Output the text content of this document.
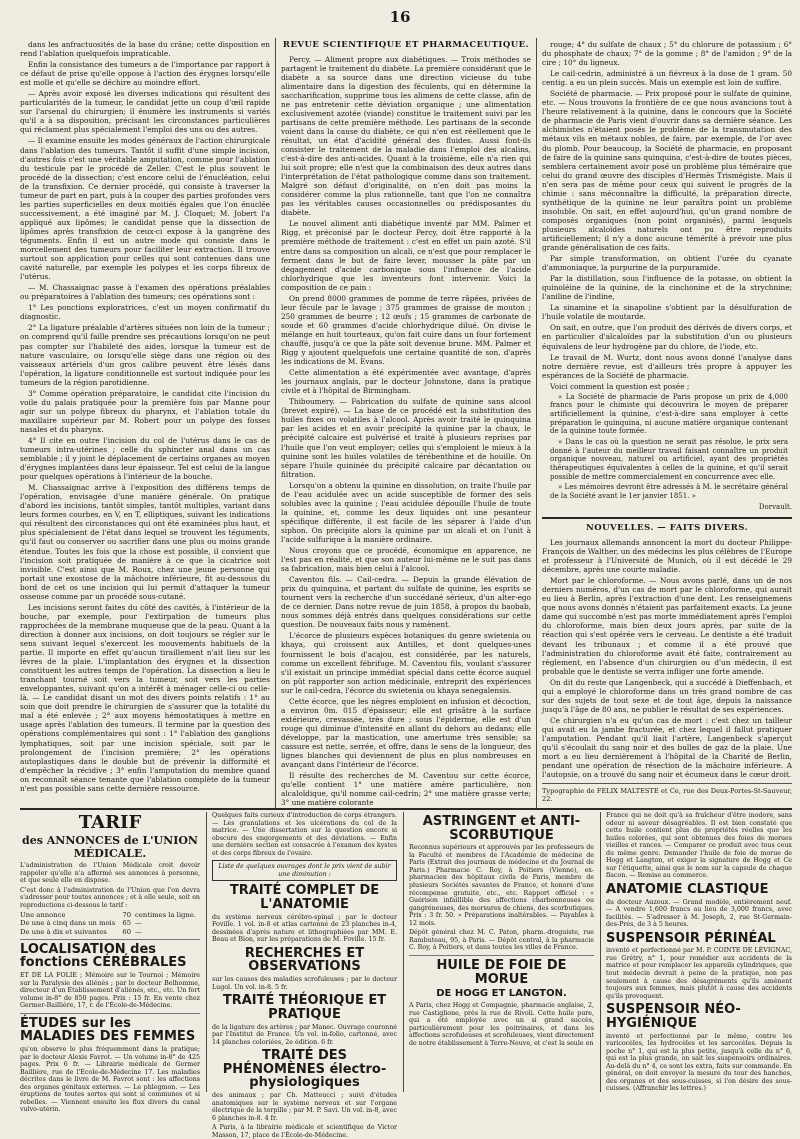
16

dans les anfractuosités de la base du crâne; cette disposition en rend l'ablation quelquefois impraticable.

Enfin la consistance des tumeurs a de l'importance par rapport à ce défaut de prise qu'elle oppose à l'action des érygnes lorsqu'elle est molle et qu'elle se déchire au moindre effort.

— Après avoir exposé les diverses indications qui résultent des particularités de la tumeur, le candidat jette un coup d'œil rapide sur l'arsenal du chirurgien; il énumère les instruments si variés qu'il a à sa disposition, précisant les circonstances particulières qui réclament plus spécialement l'emploi des uns ou des autres.

— Il examine ensuite les modes généraux de l'action chirurgicale dans l'ablation des tumeurs. Tantôt il suffit d'une simple incision, d'autres fois c'est une véritable amputation, comme pour l'ablation du testicule par le procédé de Zeller. C'est le plus souvent le procédé de la dissection; c'est encore celui de l'énucléation, celui de la transfixion. Ce dernier procédé, qui consiste à traverser la tumeur de part en part, puis à la couper des parties profondes vers les parties superficielles en deux moitiés égales que l'on énuclée successivement, a été imaginé par M. J. Cloquet; M. Jobert l'a appliqué aux lipômes; le candidat pense que la dissection de lipômes après transfixion de ceux-ci expose à la gangrène des téguments. Enfin il est un autre mode qui consiste dans le morcellement des tumeurs pour faciliter leur extraction. Il trouve surtout son application pour celles qui sont contenues dans une cavité naturelle, par exemple les polypes et les corps fibreux de l'utérus.

— M. Chassaignac passe à l'examen des opérations préalables ou préparatoires à l'ablation des tumeurs; ces opérations sont :

1° Les ponctions exploratrices, c'est un moyen confirmatif du diagnostic.

2° La ligature préalable d'artères situées non loin de la tumeur ; on comprend qu'il faille prendre ses précautions lorsqu'on ne peut pas compter sur l'habileté des aides, lorsque la tumeur est de nature vasculaire, ou lorsqu'elle siège dans une région où des vaisseaux artériels d'un gros calibre peuvent être lésés dans l'opération, la ligature conditionnelle est surtout indiquée pour les tumeurs de la région parotidienne.

3° Comme opération préparatoire, le candidat cite l'incision du voile du palais pratiquée pour la première fois par Manne pour agir sur un polype fibreux du pharynx, et l'ablation totale du maxillaire supérieur par M. Robert pour un polype des fosses nasales et du pharynx.

4° Il cite en outre l'incision du col de l'utérus dans le cas de tumeurs intra-utérines ; celle du sphincter anal dans un cas semblable ; il y joint le déplacement de certains organes au moyen d'érygnes implantées dans leur épaisseur. Tel est celui de la langue pour quelques opérations à l'intérieur de la bouche.

M. Chassaignac arrive à l'exposition des différens temps de l'opération, envisagée d'une manière générale. On pratique d'abord les incisions, tantôt simples, tantôt multiples, variant dans leurs formes courbes, en V, en T, elliptiques, suivant les indications qui résultent des circonstances qui ont été examinées plus haut, et plus spécialement de l'état dans lequel se trouvent les téguments, qu'il faut ou conserver ou sacrifier dans une plus ou moins grande étendue. Toutes les fois que la chose est possible, il convient que l'incision soit pratiquée de manière à ce que la cicatrice soit invisible. C'est ainsi que M. Roux, chez une jeune personne qui portait une exostose de la mâchoire inférieure, fit au-dessous du bord de cet os une incision qui lui permit d'attaquer la tumeur osseuse comme par un procédé sous-cutané.

Les incisions seront faites du côté des cavités, à l'intérieur de la bouche, par exemple, pour l'extirpation de tumeurs plus rapprochées de la membrane muqueuse que de la peau. Quant à la direction à donner aux incisions, on doit toujours se régler sur le sens suivant lequel s'exercent les mouvements habituels de la partie. Il importe en effet qu'aucun tiraillement n'ait lieu sur les lèvres de la plaie. L'implantation des érygnes et la dissection constituent les autres temps de l'opération. La dissection a lieu le tranchant tourné soit vers la tumeur, soit vers les parties enveloppantes, suivant qu'on a intérêt à ménager celle-ci ou celle-là. — Le candidat disant un mot des divers points relatifs : 1° au soin que doit prendre le chirurgien de s'assurer que la totalité du mal a été enlevée ; 2° aux moyens hémostatiques à mettre en usage après l'ablation des tumeurs. Il termine par la question des opérations complémentaires qui sont : 1° l'ablation des ganglions lymphatiques, soit par une incision spéciale, soit par le prolongement de l'incision première; 2° les opérations autoplastiques dans le double but de prévenir la difformité et d'empêcher la récidive ; 3° enfin l'amputation du membre quand on reconnaît séance tenante que l'ablation complète de la tumeur n'est pas possible sans cette dernière ressource.

REVUE SCIENTIFIQUE ET PHARMACEUTIQUE.

Percy. — Aliment propre aux diabétiques. — Trois méthodes se partagent le traitement du diabète. La première considérant que le diabète a sa source dans une direction vicieuse du tube alimentaire dans la digestion des féculents, qui en détermine la saccharification, supprime tous les alimens de cette classe, afin de ne pas entretenir cette déviation organique ; une alimentation exclusivement azotée (viande) constitue le traitement suivi par les partisans de cette première méthode. Les partisans de la seconde voient dans la cause du diabète, ce qui n'en est réellement que le résultat, un état d'acidité général des fluides. Aussi font-ils consister le traitement de la maladie dans l'emploi des alcalins, c'est-à-dire des anti-acides. Quant à la troisième, elle n'a rien qui lui soit propre; elle n'est que la combinaison des deux autres dans l'interprétation de l'état pathologique comme dans son traitement. Malgré son défaut d'originalité, on n'en doit pas moins la considérer comme la plus rationnelle, tant que l'on ne connaîtra pas les véritables causes occasionnelles ou prédisposantes du diabète.

Le nouvel aliment anti diabétique inventé par MM. Palmer et Rigg, et préconisé par le docteur Percy, doit être rapporté à la première méthode de traitement : c'est en effet un pain azoté. S'il entre dans sa composition un alcali, ce n'est que pour remplacer le ferment dans le but de faire lever, mousser la pâte par un dégagement d'acide carbonique sous l'influence de l'acide chlorhydrique que les inventeurs font intervenir. Voici la composition de ce pain :

On prend 8000 grammes de pomme de terre râpées, privées de leur fécule par le lavage ; 375 grammes de graisse de mouton ; 250 grammes de beurre ; 12 œufs ; 15 grammes de carbonate de soude et 60 grammes d'acide chlorhydrique dilué. On divise le mélange en huit tourteaux, qu'on fait cuire dans un four fortement chauffé, jusqu'à ce que la pâte soit devenue brune. MM. Palmer et Rigg y ajoutent quelquefois une certaine quantité de son, d'après les indications de M. Evans.

Cette alimentation a été expérimentée avec avantage, d'après les journaux anglais, par le docteur Johnstone, dans la pratique civile et à l'hôpital de Birmingham.

Thiboumery. — Fabrication du sulfate de quinine sans alcool (brevet expiré). — La base de ce procédé est la substitution des huiles fixes ou volatiles à l'alcool. Après avoir traité le quinquina par les acides et en avoir précipité la quinine par la chaux, le précipité calcaire est pulvérisé et traité à plusieurs reprises par l'huile que l'on veut employer; celles qui s'emploient le mieux à la quinine sont les huiles volatiles de térébenthine et de houille. On sépare l'huile quininée du précipité calcaire par décantation ou filtration.

Lorsqu'on a obtenu la quinine en dissolution, on traite l'huile par de l'eau acidulée avec un acide susceptible de former des sels solubles avec la quinine ; l'eau acidulée dépouille l'huile de toute la quinine, et, comme les deux liquides ont une pesanteur spécifique différente, il est facile de les séparer à l'aide d'un siphon. On précipite alors la quinine par un alcali et on l'unit à l'acide sulfurique à la manière ordinaire.

Nous croyons que ce procédé, économique en apparence, ne l'est pas en réalité, et que son auteur lui-même ne le suit pas dans sa fabrication, mais bien celui à l'alcool.

Caventou fils. — Cail-cedra. — Depuis la grande élévation de prix du quinquina, et partant du sulfate de quinine, les esprits se tournent vers la recherche d'un succédané sérieux, d'un alter-ego de ce dernier. Dans notre revue de juin 1858, à propos du baobab, nous sommes déjà entrés dans quelques considérations sur cette question. De nouveaux faits nous y ramènent.

L'écorce de plusieurs espèces botaniques du genre swietenia ou khaya, qui croissent aux Antilles, et dont quelques-unes fournissent le bois d'acajou, est considérée, par les naturels, comme un excellent fébrifuge. M. Caventou fils, voulant s'assurer s'il existait un principe immédiat spécial dans cette écorce auquel on pût rapporter son action médicinale, entreprit des expériences sur le cail-cedra, l'écorce du swietenia ou khaya senegalensis.

Cette écorce, que les nègres emploient en infusion et décoction, a environ 0m. 015 d'épaisseur; elle est grisâtre à la surface extérieure, crevassée, très dure ; sous l'épiderme, elle est d'un rouge qui diminue d'intensité en allant du dehors au dedans; elle développe, par la mastication, une amertume très sensible; sa cassure est nette, serrée, et offre, dans le sens de la longueur, des lignes blanches qui deviennent de plus en plus nombreuses en avançant dans l'intérieur de l'écorce.

Il résulte des recherches de M. Caventou sur cette écorce, qu'elle contient 1° une matière amère particulière, non alcaloïdique, qu'il nomme cail-cedrin; 2° une matière grasse verte; 3° une matière colorante

rouge; 4° du sulfate de chaux ; 5° du chlorure de potassium ; 6° du phosphate de chaux; 7° de la gomme ; 8° de l'amidon ; 9° de la cire ; 10° du ligneux.

Le cail-cedrin, administré à un fiévreux à la dose de 1 gram. 50 centig. a eu un plein succès. Mais un exemple est loin de suffire.

Société de pharmacie. — Prix proposé pour le sulfate de quinine, etc. — Nous trouvons la frontière de ce que nous avancions tout à l'heure relativement à la quinine, dans le concours que la Société de pharmacie de Paris vient d'ouvrir dans sa dernière séance. Les alchimistes n'étaient posés le problème de la transmutation des métaux vils en métaux nobles, de faire, par exemple, de l'or avec du plomb. Pour beaucoup, la Société de pharmacie, en proposant de faire de la quinine sans quinquina, c'est-à-dire de toutes pièces, semblera certainement avoir posé un problème plus téméraire que celui du grand œuvre des disciples d'Hermès Trismégiste. Mais il n'en sera pas de même pour ceux qui suivent le progrès de la chimie : sans méconnaître la difficulté, la préparation directe, synthétique de la quinine ne leur paraîtra point un problème insoluble. On sait, en effet aujourd'hui, qu'un grand nombre de composés organiques (non point organisés), parmi lesquels plusieurs alcaloïdes naturels ont pu être reproduits artificiellement; il n'y a donc aucune témérité à prévoir une plus grande généralisation de ces faits.

Par simple transformation, on obtient l'urée du cyanate d'ammoniaque, la purpurine de la purpuramide.

Par la distillation, sous l'influence de la potasse, on obtient la quinoléine de la quinine, de la cinchonine et de la strychnine; l'aniline de l'indine,

La sinamine et la sinapoline s'obtient par la désulfuration de l'huile volatile de moutarde.

On sait, en outre, que l'on produit des dérivés de divers corps, et en particulier d'alcaloïdes par la substitution d'un ou plusieurs équivalens de leur hydrogène par du chlore, de l'iode, etc.

Le travail de M. Wurtz, dont nous avons donné l'analyse dans notre dernière revue, est d'ailleurs très propre à appuyer les espérances de la Société de pharmacie.

Voici comment la question est posée ;

« La Société de pharmacie de Paris propose un prix de 4,000 francs pour le chimiste qui découvrira le moyen de préparer artificiellement la quinine, c'est-à-dire sans employer à cette préparation le quinquina, ni aucune matière organique contenant de la quinine toute formée.

» Dans le cas où la question ne serait pas résolue, le prix sera donné à l'auteur du meilleur travail faisant connaître un produit organique nouveau, naturel ou artificiel, ayant des propriétés thérapeutiques équivalentes à celles de la quinine, et qu'il serait possible de mettre commercialement en concurrence avec elle.

» Les mémoires devront être adressés à M. le secrétaire général de la Société avant le 1er janvier 1851. »

Dorvault.
NOUVELLES. — FAITS DIVERS.

Les journaux allemands annoncent la mort du docteur Philippe-François de Walther, un des médecins les plus célèbres de l'Europe et professeur à l'Université de Munich, où il est décédé le 29 décembre, après une courte maladie.

Mort par le chloroforme. — Nous avons parlé, dans un de nos derniers numéros, d'un cas de mort par le chloroforme, qui aurait eu lieu à Berlin, après l'extraction d'une dent. Les renseignemens que nous avons donnés n'étaient pas parfaitement exacts. La jeune dame qui succombé n'est pas morte immédiatement après l'emploi du chloroforme, mais bien deux jours après, par suite de la réaction qui s'est opérée vers le cerveau. Le dentiste a été traduit devant les tribunaux ; et comme il a été prouvé que l'administration du chloroforme avait été faite, contrairement au règlement, en l'absence d'un chirurgien ou d'un médecin, il est probable que le dentiste se verra infliger une forte amende.

On dit du reste que Langenbeck, qui a succédé à Dieffenbach, et qui a employé le chloroforme dans un très grand nombre de cas sur des sujets de tout sexe et de tout âge, depuis la naissance jusqu'à l'âge de 80 ans, ne publier le résultat de ses expériences.

Ce chirurgien n'a eu qu'un cas de mort : c'est chez un tailleur qui avait eu la jambe fracturée, et chez lequel il fallut pratiquer l'amputation. Pendant qu'il liait l'artère, Langenbeck s'aperçut qu'il s'écoulait du sang noir et des bulles de gaz de la plaie. Une mort a eu lieu dernièrement à l'hôpital de la Charité de Berlin, pendant une opération de résection de la mâchoire inférieure. A l'autopsie, on a trouvé du sang noir et écumeux dans le cœur droit.

Typographie de FELIX MALTESTE et Ce, rue des Deux-Portes-St-Sauveur, 22.
TARIF
des ANNONCES de L'UNION MÉDICALE.

L'administration de l'Union Médicale croit devoir rappeler qu'elle n'a affermé ses annonces à personne, et que seule elle en dispose.

C'est donc à l'administration de l'Union que l'on devra s'adresser pour toutes annonces ; et à elle seule, soit en reproductions ci-dessous le tarif :

Une annonce	70	centimes la ligne.
De une à cinq dans un mois	65	—
De une à dix et suivantes	60	—
LOCALISATION des fonctions CÉRÉBRALES

ET DE LA FOLIE ; Mémoire sur le Tournoi ; Mémoire sur la Paralysie des aliénés ; par le docteur Belhomme, directeur d'un Établissement d'aliénés, etc., etc. Un fort volume in-8° de 850 pages. Prix : 15 fr. En vente chez Germer-Baillière, 17, r. de l'École-de-Médecine.

ÉTUDES sur les MALADIES DES FEMMES

qu'on observe le plus fréquemment dans la pratique; par le docteur Alexis Favrot. — Un volume in-8° de 425 pages. Prix 6 fr. — Librairie médicale de Germer Baillière, rue de l'École-de-Médecine 17. Les maladies décrites dans le livre de M. Favrot sont : les affections des organes génitaux externes. — Le phlegmon. — Les éruptions de toutes sortes qui sont si communes et si rebelles. — Viennent ensuite les flux divers du canal vulvo-utérin.

Quelques faits curieux d'introduction de corps étrangers. — Les granulations et les ulcérations du col de la matrice. — Une dissertation sur la question encore si obscure des engorgements et des déviations. — Enfin une dernière section est consacrée à l'examen des kystes et des corps fibreux de l'ovaire.

Liste de quelques ouvrages dont le prix vient de subir une diminution :
TRAITÉ COMPLET DE L'ANATOMIE

du système nerveux cérébro-spinal ; par le docteur Foville. 1 vol. in-8 et atlas cartonné de 23 planches in-4, dessinées d'après nature et lithographiées par MM. E. Beau et Bion, sur les préparations de M. Foville. 15 fr.

RECHERCHES ET OBSERVATIONS

sur les causes des maladies scrofuleuses ; par le docteur Lugol. Un vol. in-8. 5 fr.

TRAITÉ THÉORIQUE ET PRATIQUE

de la ligature des artères ; par Manec. Ouvrage couronné par l'Institut de France. Un vol. in-folio, cartonné, avec 14 planches coloriées, 2e édition. 6 fr.

TRAITÉ DES PHÉNOMÈNES électro-physiologiques

des animaux ; par Ch. Matteucci ; suivi d'études anatomiques sur le système nerveux et sur l'organe électrique de la torpille ; par M. P. Savi. Un vol. in-8, avec 6 planches in-8. 4 fr.

A Paris, à la librairie médicale et scientifique de Victor Masson, 17, place de l'École-de-Médecine.

ASTRINGENT et ANTI-SCORBUTIQUE

Reconnus supérieurs et approuvés par les professeurs de la Faculté et membres de l'Académie de médecine de Paris (Extrait des journaux de médecine et du Journal de Paris.) Pharmacie C. Roy, à Poitiers (Vienne), ex-pharmacien des hôpitaux civils de Paris, membre de plusieurs Sociétés savantes de France, et honoré d'une récompense gratuite, etc., etc. Rapport officiel : « Guérison infaillible des affections charbonneuses ou gangréneuses, des morsures de chiens, des scorbutiques. Prix : 3 fr. 50. » Préparations inaltérables. — Payables à 12 mois.

Dépôt général chez M. C. Paton, pharm.-droguiste, rue Rambuteau, 95, à Paris. — Dépôt central, à la pharmacie C. Roy, à Poitiers, et dans toutes les villes de France.

HUILE DE FOIE DE MORUE
DE HOGG ET LANGTON.

A Paris, chez Hogg et Compagnie, pharmacie anglaise, 2, rue Castiglione, près la rue de Rivoli. Cette huile pure, qui a été employée avec un si grand succès, particulièrement pour les poitrinaires, et dans les affections scrofuleuses et scrofuleuses, vient directement de notre établissement à Terre-Neuve, et c'est la seule en

France qui ne doit qu'à sa fraîcheur d'être inodore, sans odeur ni saveur désagréables. Il est bien constaté que cette huile contient plus de propriétés réelles que les huiles colorées, qui sont obtenues des foies de morues vieilles et rances. — Comparer ce produit avec tous ceux du même genre. Demander l'huile de foie de morue de Hogg et Langton, et exiger la signature de Hogg et Ce sur l'étiquette, ainsi que le nom sur la capsule de chaque flacon. — Remise au commerce.

ANATOMIE CLASTIQUE

du docteur Auzoux. — Grand modèle, entièrement neuf. — A vendre 1,600 francs au lieu de 3,000 francs, avec facilités. — S'adresser à M. Joseph, 2, rue St-Germain-des-Prés, de 3 à 5 heures.

SUSPENSOIR PÉRINÉAL

inventé et perfectionné par M. P. COINTE DE LÉVIGNAC, rue Grétry, n° 1, pour remédier aux accidents de la matrice et pour remplacer les appareils cylindriques, que tout médecin devrait à peine de la pratique, non pas seulement à cause des désagréments qu'ils amènent toujours aux femmes, mais plutôt à cause des accidents qu'ils provoquent.

SUSPENSOIR NÉO-HYGIÉNIQUE

inventé et perfectionné par le même, contre les varicocèles, les hydrocèles et les sarcocèles. Depuis la poche n° 1, qui est la plus petite, jusqu'à celle du n° 6, qui est la plus grande, on sait les suspensoirs ordinaires. Au-delà du n° 4, ce sont les extra, faits sur commande. En général, on doit envoyer la mesure du tour des hanches, des organes et des sous-cuisses, si l'on désire des sous-cuisses. (Affranchir les lettres.)
